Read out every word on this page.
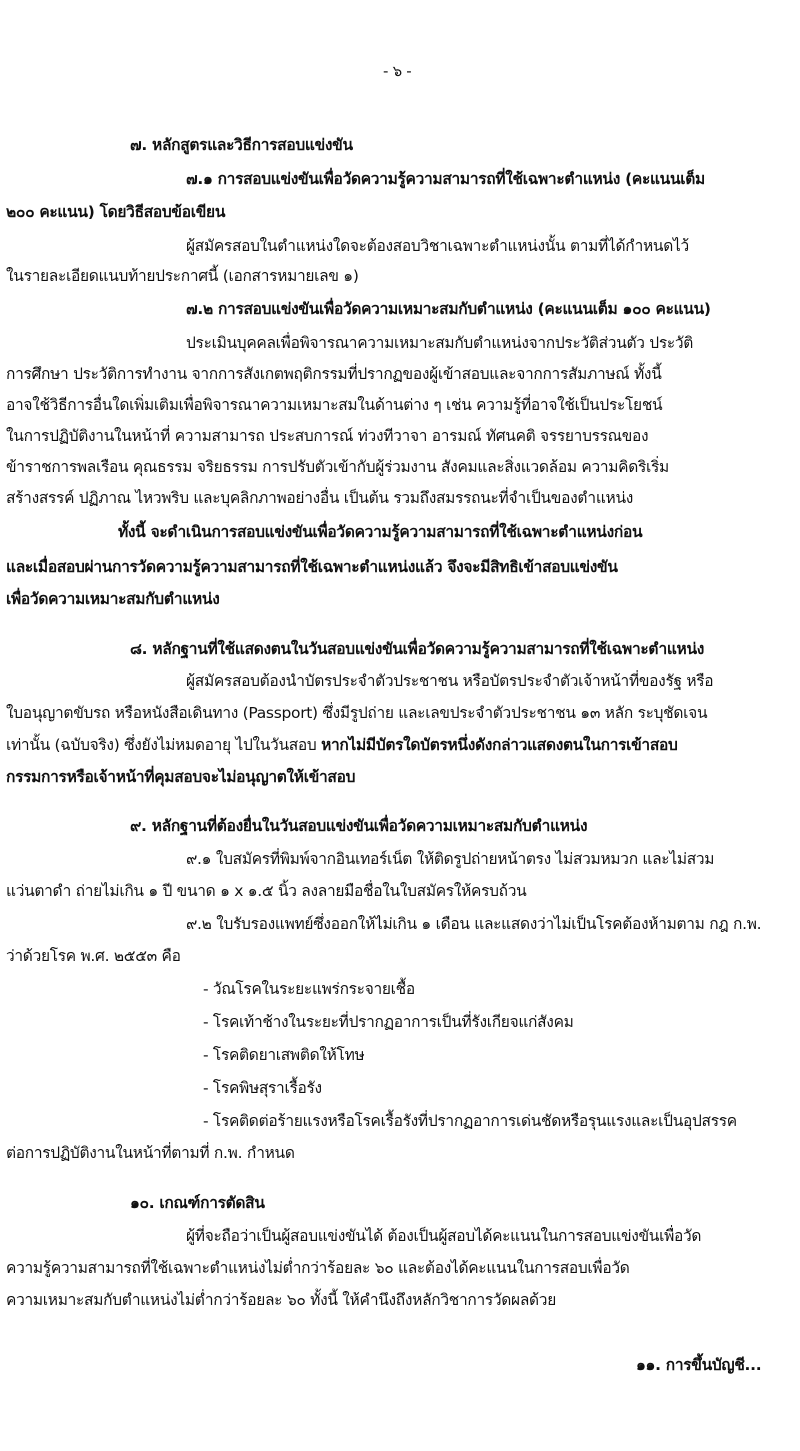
- ๖ -
๗. หลักสูตรและวิธีการสอบแข่งขัน
๗.๑ การสอบแข่งขันเพื่อวัดความรู้ความสามารถที่ใช้เฉพาะตำแหน่ง (คะแนนเต็ม
๒๐๐ คะแนน) โดยวิธีสอบข้อเขียน
ผู้สมัครสอบในตำแหน่งใดจะต้องสอบวิชาเฉพาะตำแหน่งนั้น ตามที่ได้กำหนดไว้
ในรายละเอียดแนบท้ายประกาศนี้ (เอกสารหมายเลข ๑)
๗.๒ การสอบแข่งขันเพื่อวัดความเหมาะสมกับตำแหน่ง (คะแนนเต็ม ๑๐๐ คะแนน)
ประเมินบุคคลเพื่อพิจารณาความเหมาะสมกับตำแหน่งจากประวัติส่วนตัว ประวัติ
การศึกษา ประวัติการทำงาน จากการสังเกตพฤติกรรมที่ปรากฏของผู้เข้าสอบและจากการสัมภาษณ์ ทั้งนี้
อาจใช้วิธีการอื่นใดเพิ่มเติมเพื่อพิจารณาความเหมาะสมในด้านต่าง ๆ เช่น ความรู้ที่อาจใช้เป็นประโยชน์
ในการปฏิบัติงานในหน้าที่ ความสามารถ ประสบการณ์ ท่วงทีวาจา อารมณ์ ทัศนคติ จรรยาบรรณของ
ข้าราชการพลเรือน คุณธรรม จริยธรรม การปรับตัวเข้ากับผู้ร่วมงาน สังคมและสิ่งแวดล้อม ความคิดริเริ่ม
สร้างสรรค์ ปฏิภาณ ไหวพริบ และบุคลิกภาพอย่างอื่น เป็นต้น รวมถึงสมรรถนะที่จำเป็นของตำแหน่ง
ทั้งนี้ จะดำเนินการสอบแข่งขันเพื่อวัดความรู้ความสามารถที่ใช้เฉพาะตำแหน่งก่อน
และเมื่อสอบผ่านการวัดความรู้ความสามารถที่ใช้เฉพาะตำแหน่งแล้ว จึงจะมีสิทธิเข้าสอบแข่งขัน
เพื่อวัดความเหมาะสมกับตำแหน่ง
๘. หลักฐานที่ใช้แสดงตนในวันสอบแข่งขันเพื่อวัดความรู้ความสามารถที่ใช้เฉพาะตำแหน่ง
ผู้สมัครสอบต้องนำบัตรประจำตัวประชาชน หรือบัตรประจำตัวเจ้าหน้าที่ของรัฐ หรือ
ใบอนุญาตขับรถ หรือหนังสือเดินทาง (Passport) ซึ่งมีรูปถ่าย และเลขประจำตัวประชาชน ๑๓ หลัก ระบุชัดเจน
เท่านั้น (ฉบับจริง) ซึ่งยังไม่หมดอายุ ไปในวันสอบ หากไม่มีบัตรใดบัตรหนึ่งดังกล่าวแสดงตนในการเข้าสอบ
กรรมการหรือเจ้าหน้าที่คุมสอบจะไม่อนุญาตให้เข้าสอบ
๙. หลักฐานที่ต้องยื่นในวันสอบแข่งขันเพื่อวัดความเหมาะสมกับตำแหน่ง
๙.๑ ใบสมัครที่พิมพ์จากอินเทอร์เน็ต ให้ติดรูปถ่ายหน้าตรง ไม่สวมหมวก และไม่สวม
แว่นตาดำ ถ่ายไม่เกิน ๑ ปี ขนาด ๑ x ๑.๕ นิ้ว ลงลายมือชื่อในใบสมัครให้ครบถ้วน
๙.๒ ใบรับรองแพทย์ซึ่งออกให้ไม่เกิน ๑ เดือน และแสดงว่าไม่เป็นโรคต้องห้ามตาม กฎ ก.พ.
ว่าด้วยโรค พ.ศ. ๒๕๕๓ คือ
- วัณโรคในระยะแพร่กระจายเชื้อ
- โรคเท้าช้างในระยะที่ปรากฏอาการเป็นที่รังเกียจแก่สังคม
- โรคติดยาเสพติดให้โทษ
- โรคพิษสุราเรื้อรัง
- โรคติดต่อร้ายแรงหรือโรคเรื้อรังที่ปรากฏอาการเด่นชัดหรือรุนแรงและเป็นอุปสรรค
ต่อการปฏิบัติงานในหน้าที่ตามที่ ก.พ. กำหนด
๑๐. เกณฑ์การตัดสิน
ผู้ที่จะถือว่าเป็นผู้สอบแข่งขันได้ ต้องเป็นผู้สอบได้คะแนนในการสอบแข่งขันเพื่อวัด
ความรู้ความสามารถที่ใช้เฉพาะตำแหน่งไม่ต่ำกว่าร้อยละ ๖๐ และต้องได้คะแนนในการสอบเพื่อวัด
ความเหมาะสมกับตำแหน่งไม่ต่ำกว่าร้อยละ ๖๐ ทั้งนี้ ให้คำนึงถึงหลักวิชาการวัดผลด้วย
๑๑. การขึ้นบัญชี...
